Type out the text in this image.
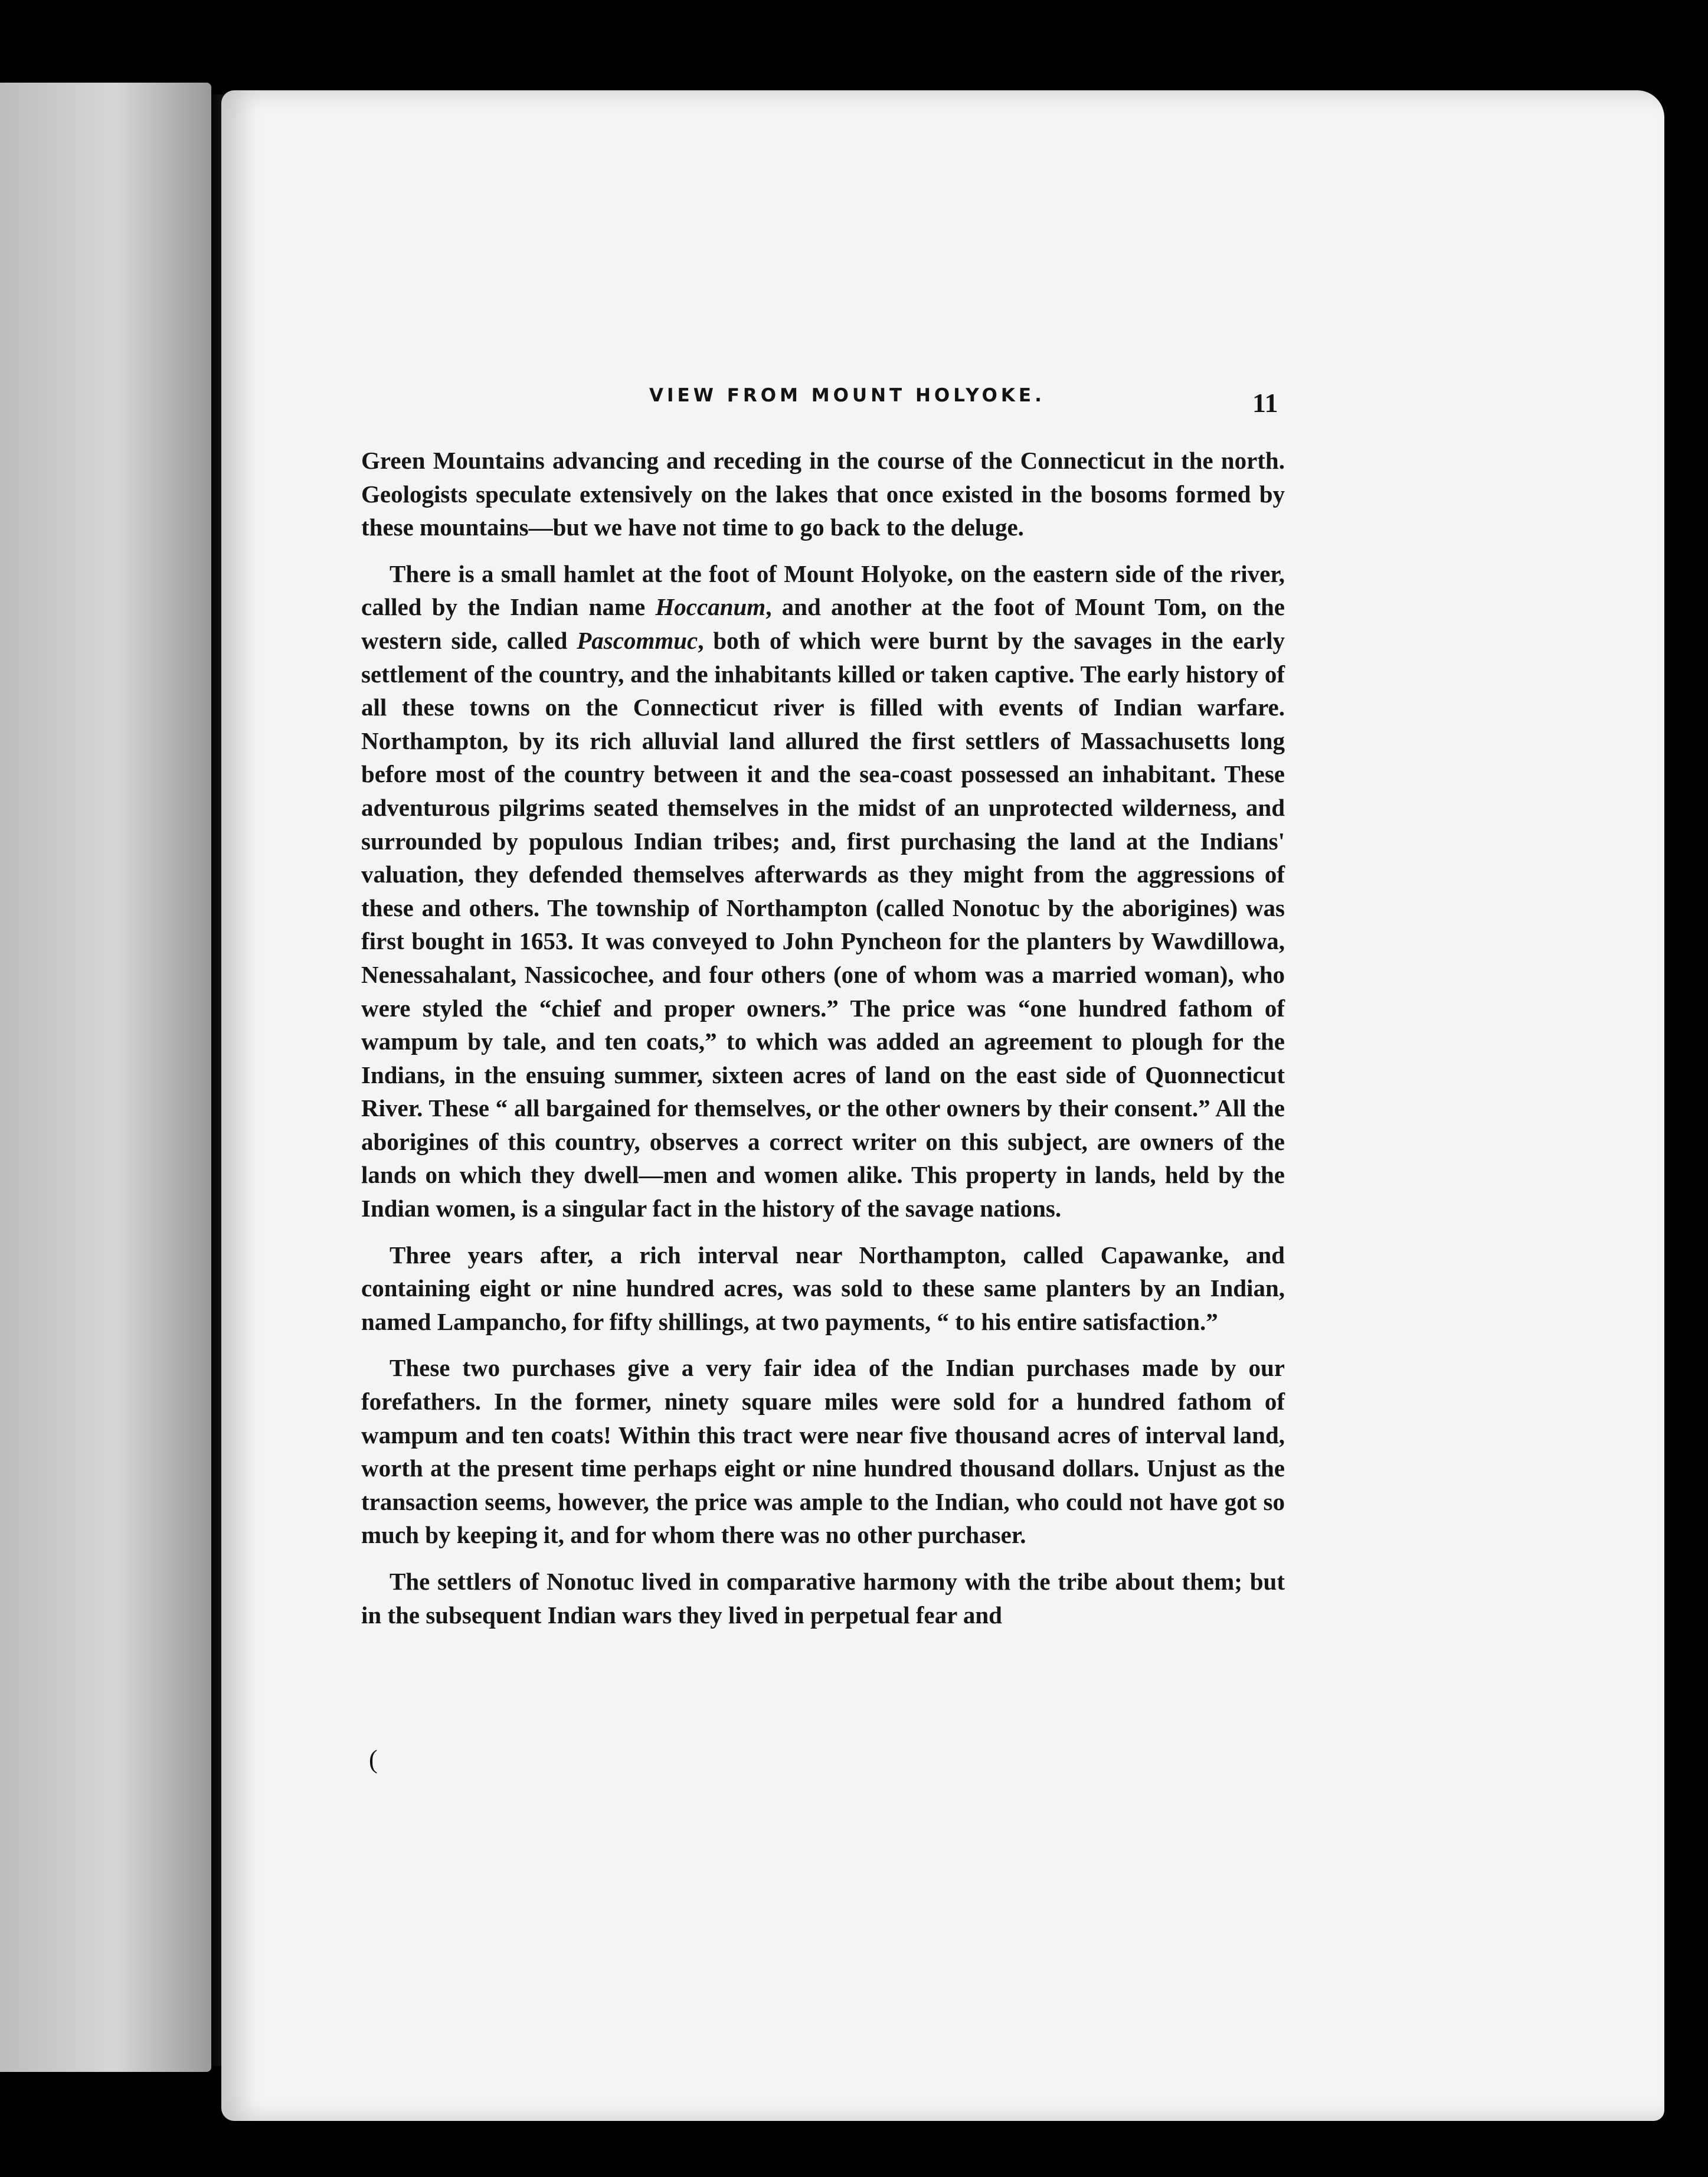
VIEW FROM MOUNT HOLYOKE.	11

Green Mountains advancing and receding in the course of the Connecticut in the north. Geologists speculate extensively on the lakes that once existed in the bosoms formed by these mountains—but we have not time to go back to the deluge.

There is a small hamlet at the foot of Mount Holyoke, on the eastern side of the river, called by the Indian name Hoccanum, and another at the foot of Mount Tom, on the western side, called Pascommuc, both of which were burnt by the savages in the early settlement of the country, and the inhabitants killed or taken captive. The early history of all these towns on the Connecticut river is filled with events of Indian warfare. Northampton, by its rich alluvial land allured the first settlers of Massachusetts long before most of the country between it and the sea-coast possessed an inhabitant. These adventurous pilgrims seated themselves in the midst of an unprotected wilderness, and surrounded by populous Indian tribes; and, first purchasing the land at the Indians' valuation, they defended themselves afterwards as they might from the aggressions of these and others. The township of Northampton (called Nonotuc by the aborigines) was first bought in 1653. It was conveyed to John Pyncheon for the planters by Wawdillowa, Nenessahalant, Nassicochee, and four others (one of whom was a married woman), who were styled the “chief and proper owners.” The price was “one hundred fathom of wampum by tale, and ten coats,” to which was added an agreement to plough for the Indians, in the ensuing summer, sixteen acres of land on the east side of Quonnecticut River. These “ all bargained for themselves, or the other owners by their consent.” All the aborigines of this country, observes a correct writer on this subject, are owners of the lands on which they dwell—men and women alike. This property in lands, held by the Indian women, is a singular fact in the history of the savage nations.

Three years after, a rich interval near Northampton, called Capawanke, and containing eight or nine hundred acres, was sold to these same planters by an Indian, named Lampancho, for fifty shillings, at two payments, “ to his entire satisfaction.”

These two purchases give a very fair idea of the Indian purchases made by our forefathers. In the former, ninety square miles were sold for a hundred fathom of wampum and ten coats! Within this tract were near five thousand acres of interval land, worth at the present time perhaps eight or nine hundred thousand dollars. Unjust as the transaction seems, however, the price was ample to the Indian, who could not have got so much by keeping it, and for whom there was no other purchaser.

The settlers of Nonotuc lived in comparative harmony with the tribe about them; but in the subsequent Indian wars they lived in perpetual fear and

(
